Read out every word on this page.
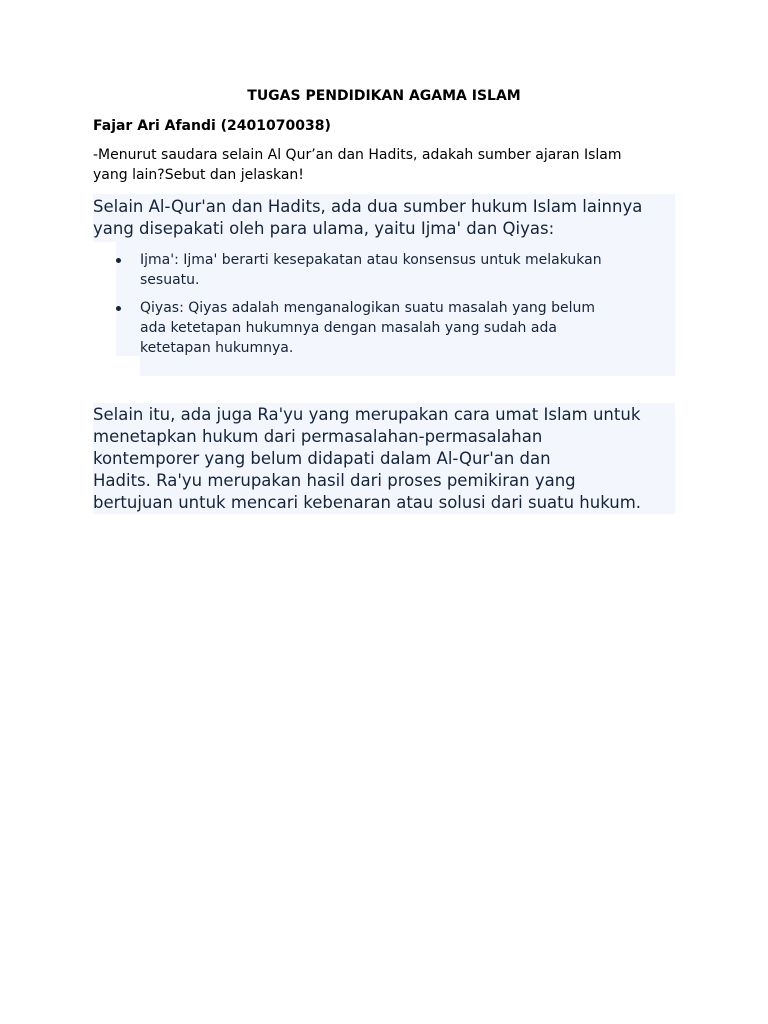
TUGAS PENDIDIKAN AGAMA ISLAM

Fajar Ari Afandi (2401070038)

-Menurut saudara selain Al Qur’an dan Hadits, adakah sumber ajaran Islam yang lain?Sebut dan jelaskan!

Selain Al-Qur'an dan Hadits, ada dua sumber hukum Islam lainnya
yang disepakati oleh para ulama, yaitu Ijma' dan Qiyas:
Ijma': Ijma' berarti kesepakatan atau konsensus untuk melakukan
sesuatu.
Qiyas: Qiyas adalah menganalogikan suatu masalah yang belum
ada ketetapan hukumnya dengan masalah yang sudah ada
ketetapan hukumnya.
Selain itu, ada juga Ra'yu yang merupakan cara umat Islam untuk
menetapkan hukum dari permasalahan-permasalahan
kontemporer yang belum didapati dalam Al-Qur'an dan
Hadits. Ra'yu merupakan hasil dari proses pemikiran yang
bertujuan untuk mencari kebenaran atau solusi dari suatu hukum.
